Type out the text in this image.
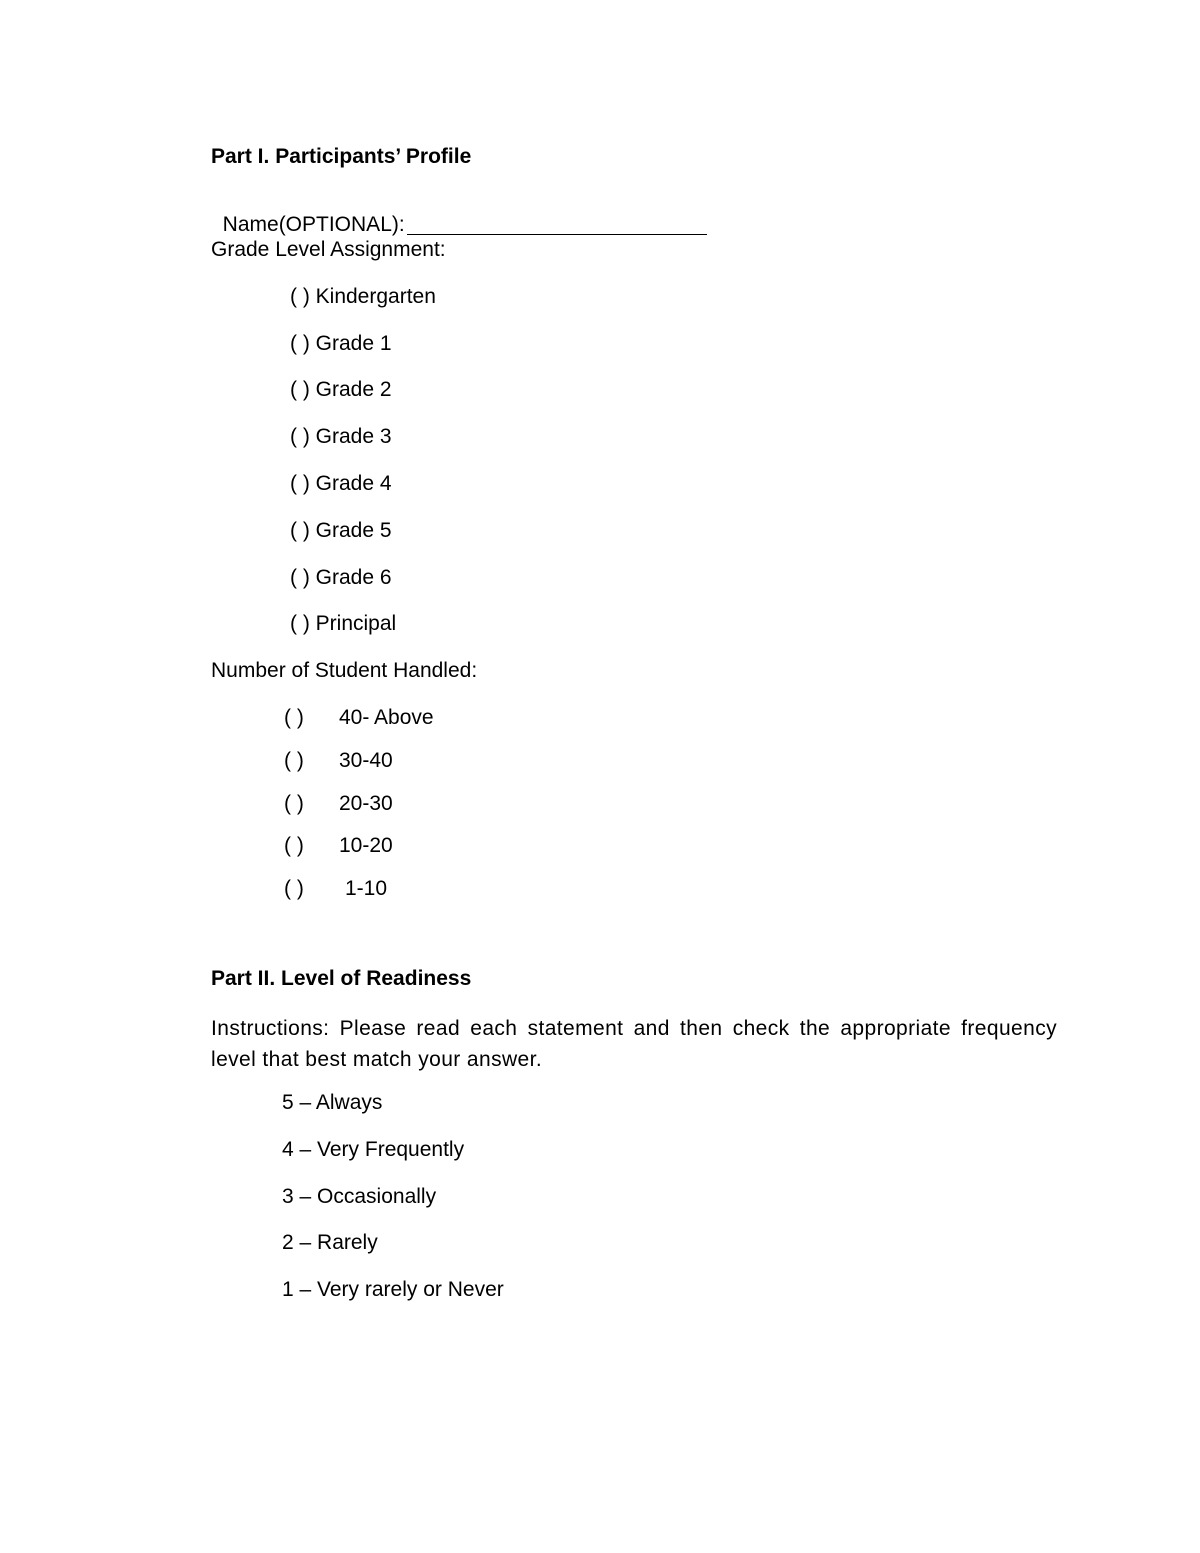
Part I. Participants’ Profile

Name(OPTIONAL):

Grade Level Assignment:
( ) Kindergarten
( ) Grade 1
( ) Grade 2
( ) Grade 3
( ) Grade 4
( ) Grade 5
( ) Grade 6
( ) Principal
Number of Student Handled:
( ) 40- Above
( ) 30-40
( ) 20-30
( ) 10-20
( ) 1-10
Part II. Level of Readiness
Instructions: Please read each statement and then check the appropriate frequency level that best match your answer.
5 – Always
4 – Very Frequently
3 – Occasionally
2 – Rarely
1 – Very rarely or Never
